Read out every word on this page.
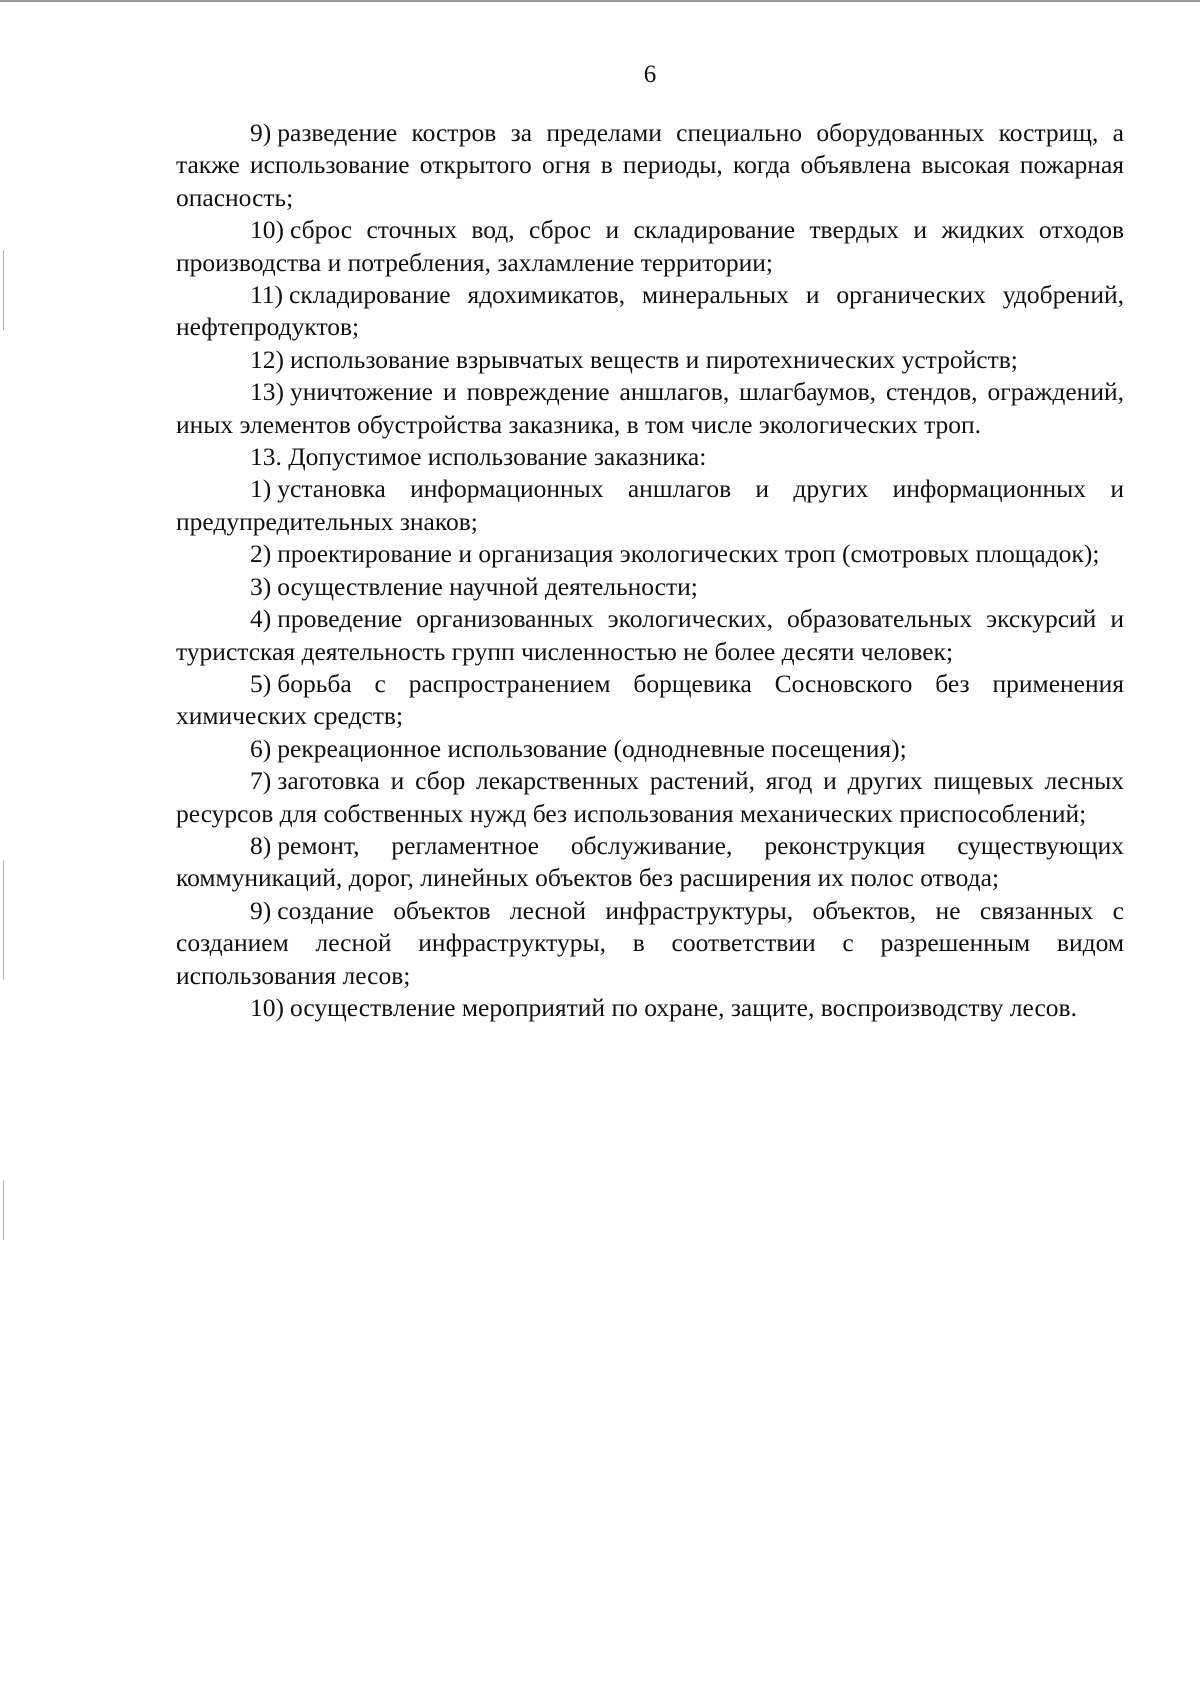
6

9) разведение костров за пределами специально оборудованных кострищ, а также использование открытого огня в периоды, когда объявлена высокая пожарная опасность;

10) сброс сточных вод, сброс и складирование твердых и жидких отходов производства и потребления, захламление территории;

11) складирование ядохимикатов, минеральных и органических удобрений, нефтепродуктов;

12) использование взрывчатых веществ и пиротехнических устройств;

13) уничтожение и повреждение аншлагов, шлагбаумов, стендов, ограждений, иных элементов обустройства заказника, в том числе экологических троп.

13. Допустимое использование заказника:

1) установка информационных аншлагов и других информационных и предупредительных знаков;

2) проектирование и организация экологических троп (смотровых площадок);

3) осуществление научной деятельности;

4) проведение организованных экологических, образовательных экскурсий и туристская деятельность групп численностью не более десяти человек;

5) борьба с распространением борщевика Сосновского без применения химических средств;

6) рекреационное использование (однодневные посещения);

7) заготовка и сбор лекарственных растений, ягод и других пищевых лесных ресурсов для собственных нужд без использования механических приспособлений;

8) ремонт, регламентное обслуживание, реконструкция существующих коммуникаций, дорог, линейных объектов без расширения их полос отвода;

9) создание объектов лесной инфраструктуры, объектов, не связанных с созданием лесной инфраструктуры, в соответствии с разрешенным видом использования лесов;

10) осуществление мероприятий по охране, защите, воспроизводству лесов.
